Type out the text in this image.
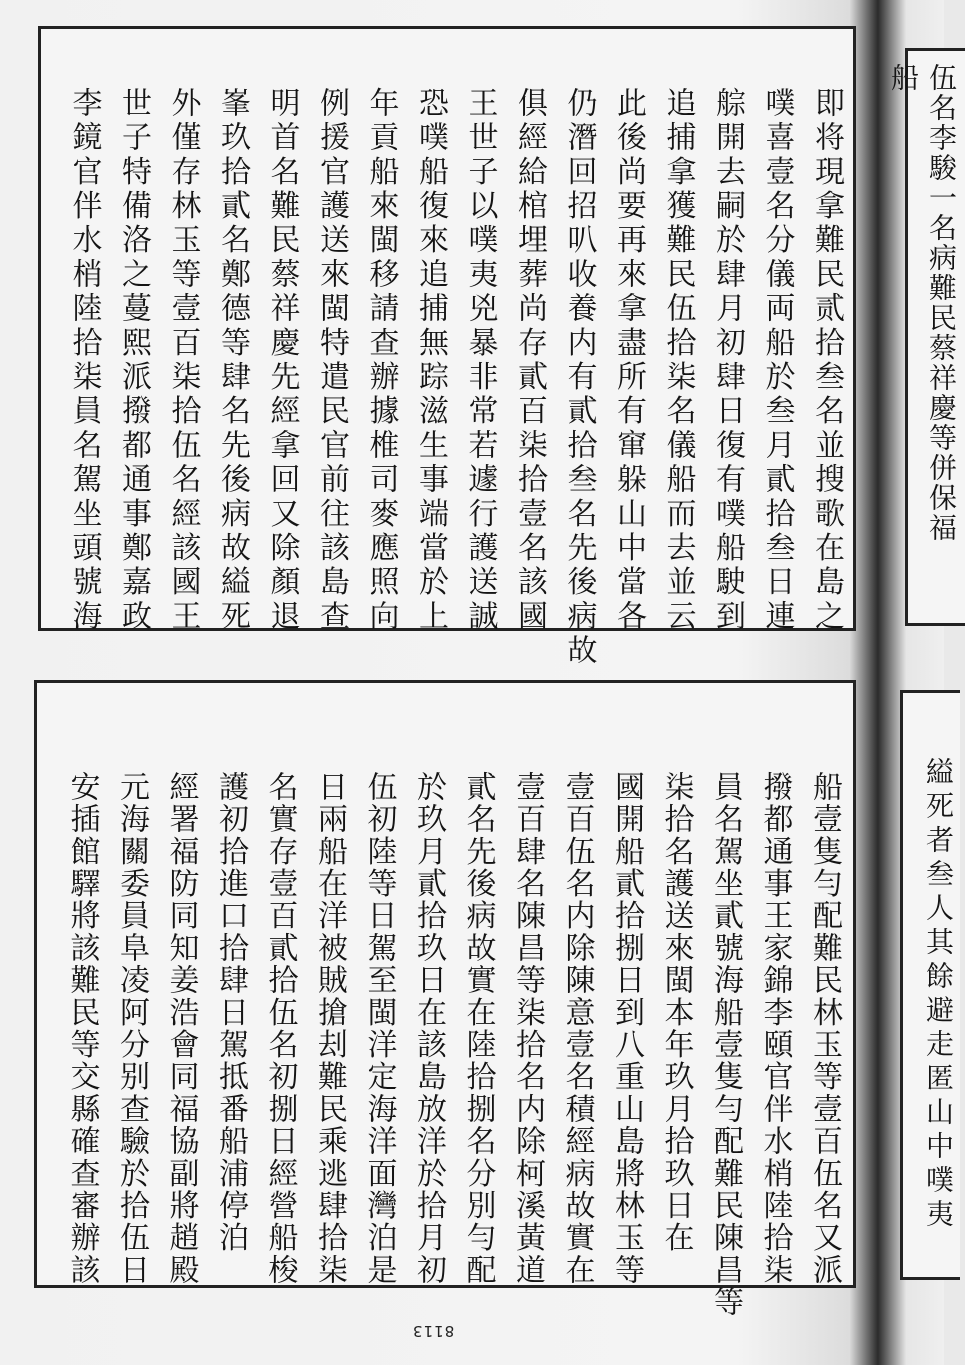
即将現拿難民贰拾叁名並搜歌在島之
噗喜壹名分儀両船於叁月貳拾叁日連
䑸開去嗣於肆月初肆日復有噗船駛到
追捕拿獲難民伍拾柒名儀船而去並云
此後尚要再來拿盡所有窜躲山中當各
仍潛回招叭收養内有貳拾叁名先後病故
俱經給棺埋葬尚存貳百柒拾壹名該國
王世子以噗夷兇暴非常若遽行護送誠
恐噗船復來追捕無踪滋生事端當於上
年貢船來閩移請查辦據椎司麥應照向
例援官護送來閩特遣民官前往該島查
明首名難民蔡祥慶先經拿回又除顏退
峯玖拾貳名鄭德等肆名先後病故縊死
外僅存林玉等壹百柒拾伍名經該國王
世子特備洛之蔓熙派撥都通事鄭嘉政
李鏡官伴水梢陸拾柒員名駕坐頭號海
船壹隻勻配難民林玉等壹百伍名又派
撥都通事王家錦李頤官伴水梢陸拾柒
員名駕坐貳號海船壹隻勻配難民陳昌等
柒拾名護送來閩本年玖月拾玖日在
國開船貳拾捌日到八重山島將林玉等
壹百伍名内除陳意壹名積經病故實在
壹百肆名陳昌等柒拾名内除柯溪黃道
貳名先後病故實在陸拾捌名分別勻配
於玖月貳拾玖日在該島放洋於拾月初
伍初陸等日駕至閩洋定海洋面灣泊是
日兩船在洋被賊搶刦難民乘逃肆拾柒
名實存壹百貳拾伍名初捌日經營船梭
護初拾進口拾肆日駕抵番船浦停泊
經署福防同知姜浩會同福協副將趙殿
元海關委員阜凌阿分别查驗於拾伍日
安插館驛將該難民等交縣確查審辦該
伍名李駿一名病難民蔡祥慶等併保福
船
縊死者叁人其餘避走匿山中噗夷
8113
